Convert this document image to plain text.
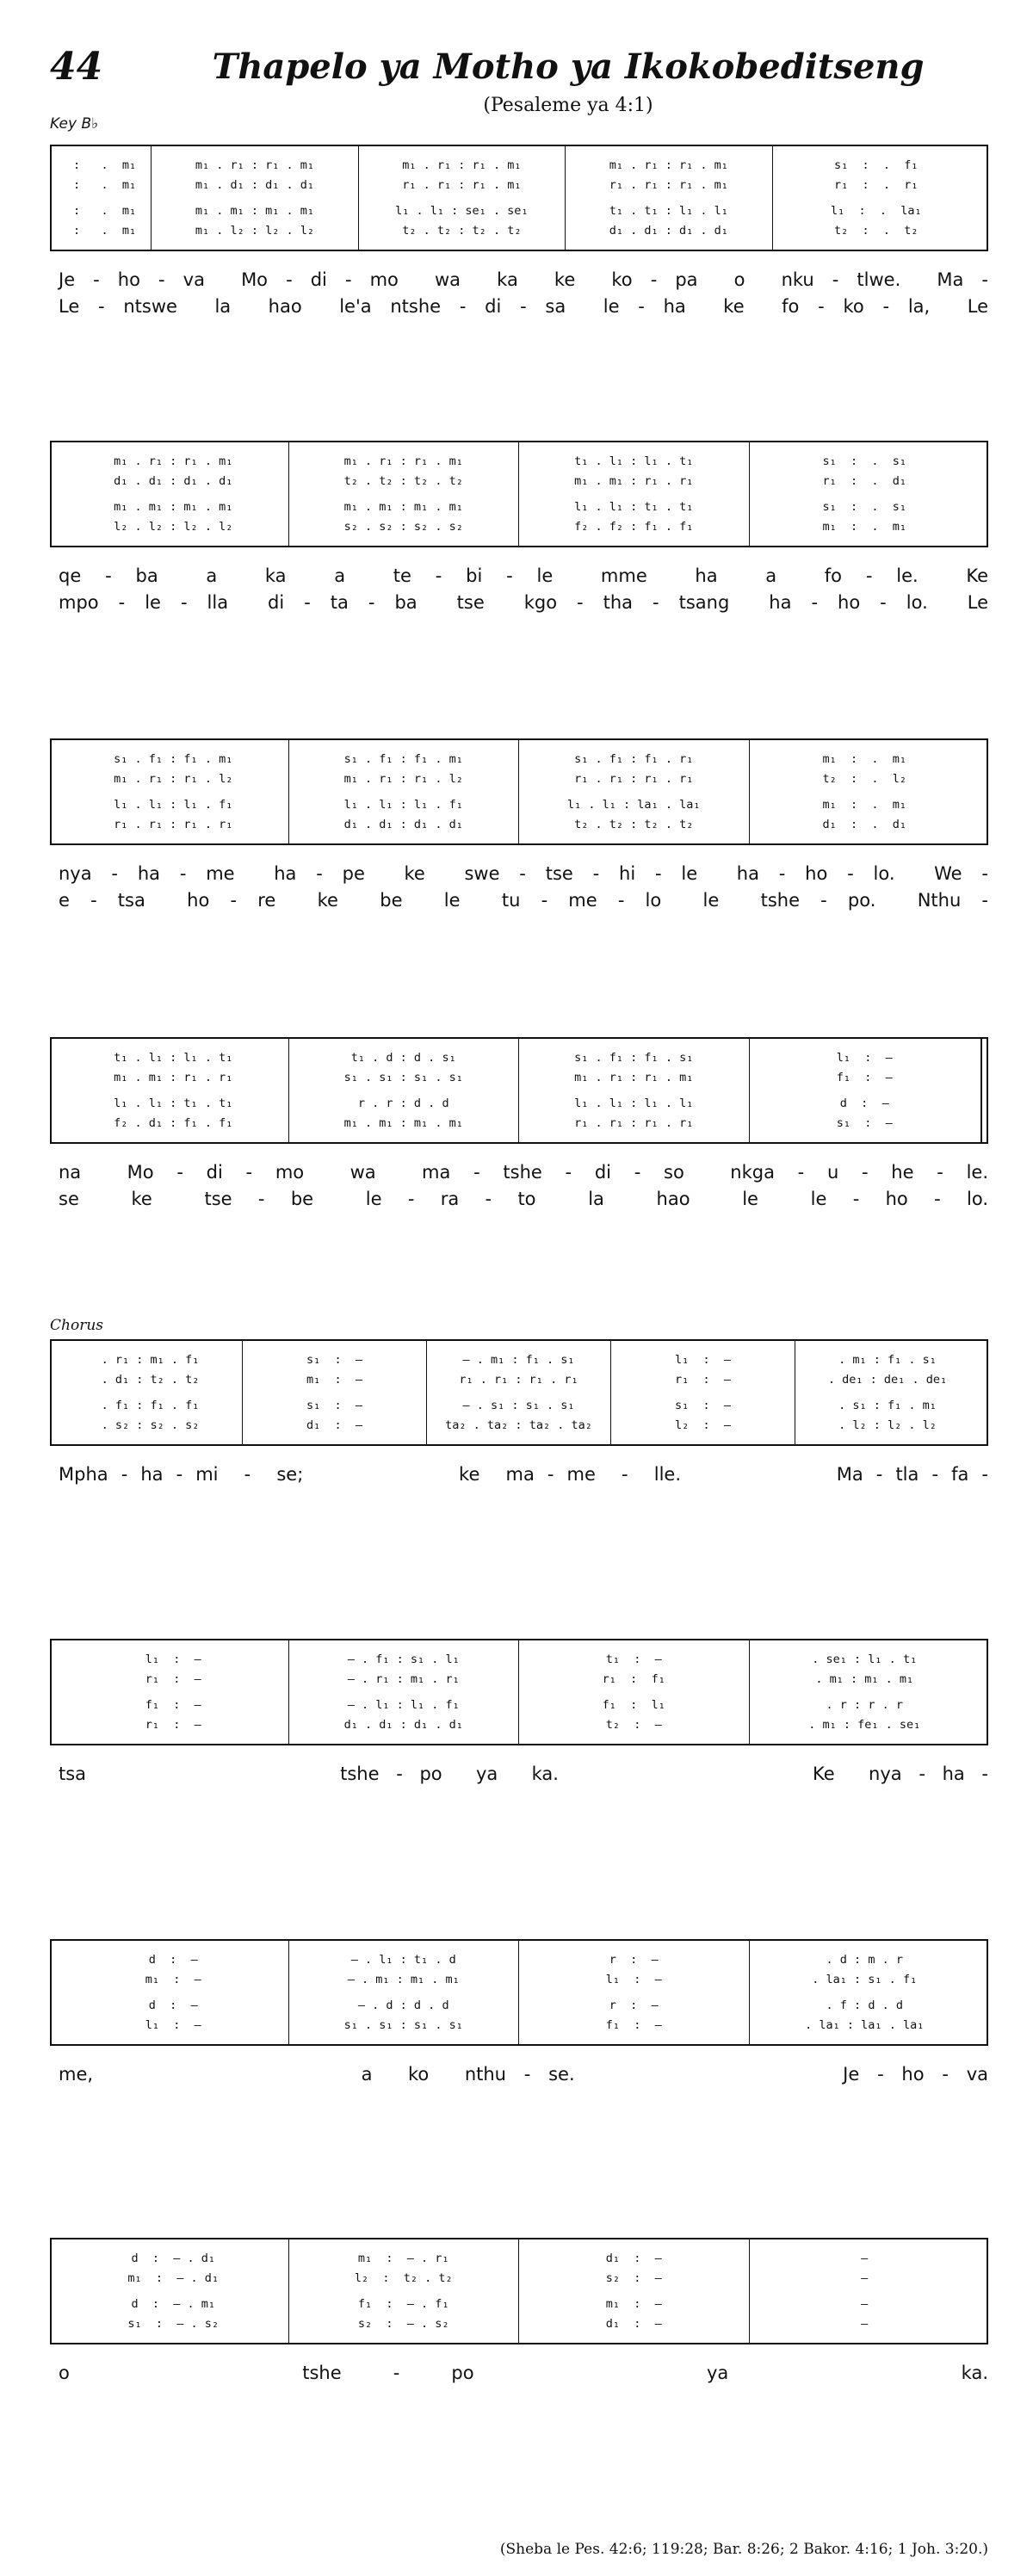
44	Thapelo ya Motho ya Ikokobeditseng
(Pesaleme ya 4:1)
Key B♭
Chorus
:   .  m₁
:   .  m₁
:   .  m₁
:   .  m₁
m₁ . r₁ : r₁ . m₁
m₁ . d₁ : d₁ . d₁
m₁ . m₁ : m₁ . m₁
m₁ . l₂ : l₂ . l₂
m₁ . r₁ : r₁ . m₁
r₁ . r₁ : r₁ . m₁
l₁ . l₁ : se₁ . se₁
t₂ . t₂ : t₂ . t₂
m₁ . r₁ : r₁ . m₁
r₁ . r₁ : r₁ . m₁
t₁ . t₁ : l₁ . l₁
d₁ . d₁ : d₁ . d₁
s₁  :  .  f₁
r₁  :  .  r₁
l₁  :  .  la₁
t₂  :  .  t₂
Je - ho - va  Mo - di - mo  wa  ka  ke  ko - pa  o  nku - tlwe.  Ma -
Le - ntswe  la  hao  le'a ntshe - di - sa  le - ha  ke  fo - ko - la,  Le
m₁ . r₁ : r₁ . m₁
d₁ . d₁ : d₁ . d₁
m₁ . m₁ : m₁ . m₁
l₂ . l₂ : l₂ . l₂
m₁ . r₁ : r₁ . m₁
t₂ . t₂ : t₂ . t₂
m₁ . m₁ : m₁ . m₁
s₂ . s₂ : s₂ . s₂
t₁ . l₁ : l₁ . t₁
m₁ . m₁ : r₁ . r₁
l₁ . l₁ : t₁ . t₁
f₂ . f₂ : f₁ . f₁
s₁  :  .  s₁
r₁  :  .  d₁
s₁  :  .  s₁
m₁  :  .  m₁
qe - ba  a  ka  a  te - bi - le  mme  ha  a  fo - le.  Ke
mpo - le - lla  di - ta - ba  tse  kgo - tha - tsang  ha - ho - lo.  Le
s₁ . f₁ : f₁ . m₁
m₁ . r₁ : r₁ . l₂
l₁ . l₁ : l₁ . f₁
r₁ . r₁ : r₁ . r₁
s₁ . f₁ : f₁ . m₁
m₁ . r₁ : r₁ . l₂
l₁ . l₁ : l₁ . f₁
d₁ . d₁ : d₁ . d₁
s₁ . f₁ : f₁ . r₁
r₁ . r₁ : r₁ . r₁
l₁ . l₁ : la₁ . la₁
t₂ . t₂ : t₂ . t₂
m₁  :  .  m₁
t₂  :  .  l₂
m₁  :  .  m₁
d₁  :  .  d₁
nya - ha - me  ha - pe  ke  swe - tse - hi - le  ha - ho - lo.  We -
e - tsa  ho - re  ke  be  le  tu - me - lo  le  tshe - po.  Nthu -
t₁ . l₁ : l₁ . t₁
m₁ . m₁ : r₁ . r₁
l₁ . l₁ : t₁ . t₁
f₂ . d₁ : f₁ . f₁
t₁ . d : d . s₁
s₁ . s₁ : s₁ . s₁
r . r : d . d
m₁ . m₁ : m₁ . m₁
s₁ . f₁ : f₁ . s₁
m₁ . r₁ : r₁ . m₁
l₁ . l₁ : l₁ . l₁
r₁ . r₁ : r₁ . r₁
l₁  :  —
f₁  :  —
d  :  —
s₁  :  —
na  Mo - di - mo  wa  ma - tshe - di - so  nkga - u - he - le.
se  ke  tse - be  le - ra - to  la  hao  le  le - ho - lo.
. r₁ : m₁ . f₁
. d₁ : t₂ . t₂
. f₁ : f₁ . f₁
. s₂ : s₂ . s₂
s₁  :  —
m₁  :  —
s₁  :  —
d₁  :  —
— . m₁ : f₁ . s₁
r₁ . r₁ : r₁ . r₁
— . s₁ : s₁ . s₁
ta₂ . ta₂ : ta₂ . ta₂
l₁  :  —
r₁  :  —
s₁  :  —
l₂  :  —
. m₁ : f₁ . s₁
. de₁ : de₁ . de₁
. s₁ : f₁ . m₁
. l₂ : l₂ . l₂
Mpha - ha - mi  -  se;            ke  ma - me  -  lle.            Ma - tla - fa -
l₁  :  —
r₁  :  —
f₁  :  —
r₁  :  —
— . f₁ : s₁ . l₁
— . r₁ : m₁ . r₁
— . l₁ : l₁ . f₁
d₁ . d₁ : d₁ . d₁
t₁  :  —
r₁  :  f₁
f₁  :  l₁
t₂  :  —
. se₁ : l₁ . t₁
. m₁ : m₁ . m₁
. r : r . r
. m₁ : fe₁ . se₁
tsa               tshe - po  ya  ka.               Ke  nya - ha -
d  :  —
m₁  :  —
d  :  —
l₁  :  —
— . l₁ : t₁ . d
— . m₁ : m₁ . m₁
— . d : d . d
s₁ . s₁ : s₁ . s₁
r  :  —
l₁  :  —
r  :  —
f₁  :  —
. d : m . r
. la₁ : s₁ . f₁
. f : d . d
. la₁ : la₁ . la₁
me,               a  ko  nthu - se.               Je - ho - va
d  :  — . d₁
m₁  :  — . d₁
d  :  — . m₁
s₁  :  — . s₂
m₁  :  — . r₁
l₂  :  t₂ . t₂
f₁  :  — . f₁
s₂  :  — . s₂
d₁  :  —
s₂  :  —
m₁  :  —
d₁  :  —
—
—
—
—
o         tshe  -  po         ya         ka.
(Sheba le Pes. 42:6; 119:28; Bar. 8:26; 2 Bakor. 4:16; 1 Joh. 3:20.)
